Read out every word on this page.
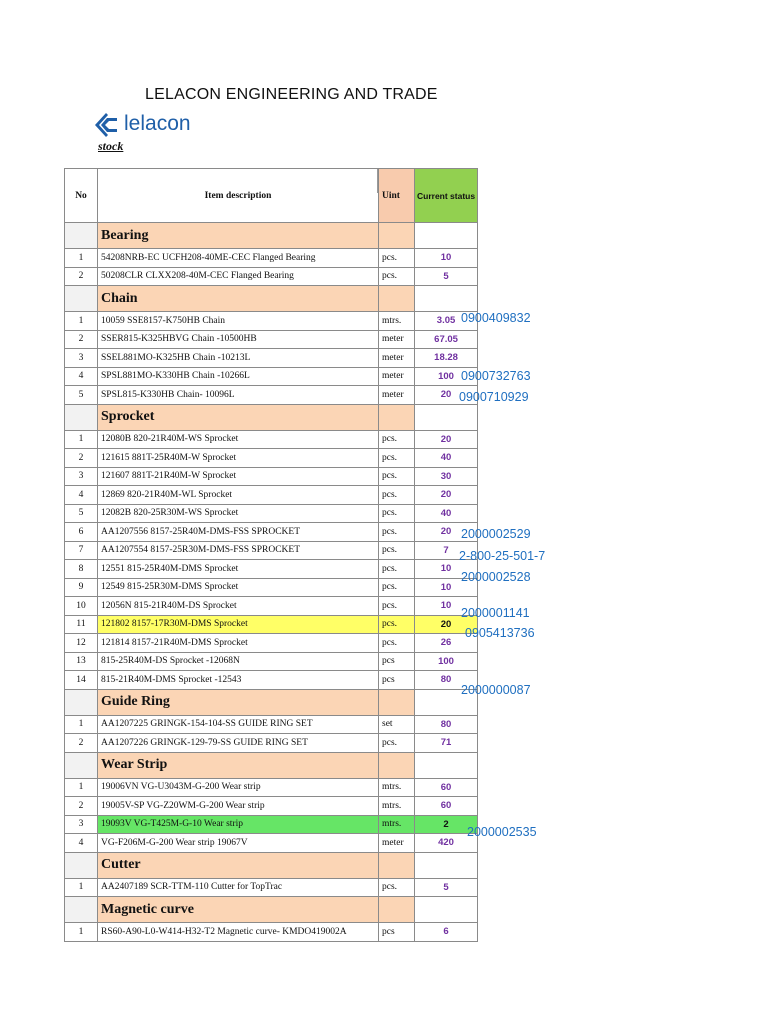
LELACON ENGINEERING AND TRADE
lelacon
stock
No	Item description	Uint	Current status
	Bearing		
1	54208NRB-EC UCFH208-40ME-CEC Flanged Bearing	pcs.	10
2	50208CLR CLXX208-40M-CEC Flanged Bearing	pcs.	5
	Chain		
1	10059 SSE8157-K750HB Chain	mtrs.	3.05
2	SSER815-K325HBVG Chain -10500HB	meter	67.05
3	SSEL881MO-K325HB Chain -10213L	meter	18.28
4	SPSL881MO-K330HB Chain -10266L	meter	100
5	SPSL815-K330HB Chain- 10096L	meter	20
	Sprocket		
1	12080B 820-21R40M-WS Sprocket	pcs.	20
2	121615 881T-25R40M-W Sprocket	pcs.	40
3	121607 881T-21R40M-W Sprocket	pcs.	30
4	12869 820-21R40M-WL Sprocket	pcs.	20
5	12082B 820-25R30M-WS Sprocket	pcs.	40
6	AA1207556 8157-25R40M-DMS-FSS SPROCKET	pcs.	20
7	AA1207554 8157-25R30M-DMS-FSS SPROCKET	pcs.	7
8	12551 815-25R40M-DMS Sprocket	pcs.	10
9	12549 815-25R30M-DMS Sprocket	pcs.	10
10	12056N 815-21R40M-DS Sprocket	pcs.	10
11	121802 8157-17R30M-DMS Sprocket	pcs.	20
12	121814 8157-21R40M-DMS Sprocket	pcs.	26
13	815-25R40M-DS Sprocket -12068N	pcs	100
14	815-21R40M-DMS Sprocket -12543	pcs	80
	Guide Ring		
1	AA1207225 GRINGK-154-104-SS GUIDE RING SET	set	80
2	AA1207226 GRINGK-129-79-SS GUIDE RING SET	pcs.	71
	Wear Strip		
1	19006VN VG-U3043M-G-200 Wear strip	mtrs.	60
2	19005V-SP VG-Z20WM-G-200 Wear strip	mtrs.	60
3	19093V VG-T425M-G-10 Wear strip	mtrs.	2
4	VG-F206M-G-200 Wear strip 19067V	meter	420
	Cutter		
1	AA2407189 SCR-TTM-110 Cutter for TopTrac	pcs.	5
	Magnetic curve		
1	RS60-A90-L0-W414-H32-T2 Magnetic curve- KMDO419002A	pcs	6
0900409832
0900732763
0900710929
2000002529
2-800-25-501-7
2000002528
2000001141
0905413736
2000000087
2000002535
